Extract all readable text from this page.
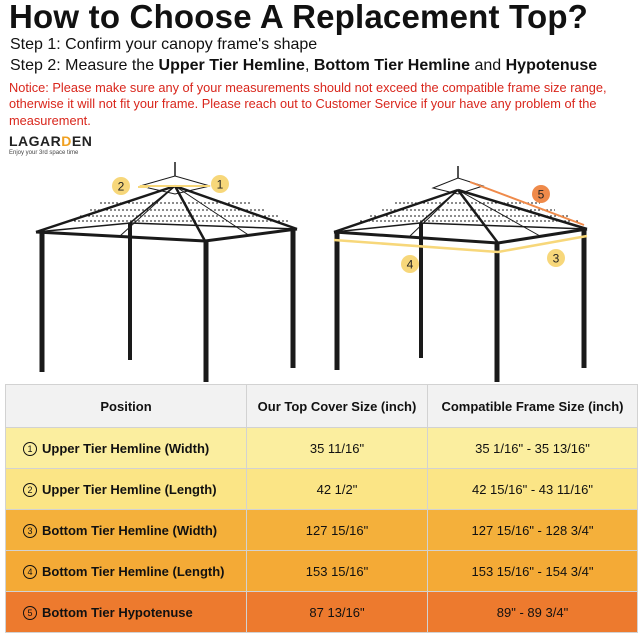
How to Choose A Replacement Top?
Step 1: Confirm your canopy frame's shape
Step 2: Measure the Upper Tier Hemline, Bottom Tier Hemline and Hypotenuse
Notice: Please make sure any of your measurements should not exceed the compatible frame size range, otherwise it will not fit your frame. Please reach out to Customer Service if your have any problem of the measurement.
LAGARDEN
Enjoy your 3rd space time
2	1
5
4	3
Position	Our Top Cover Size (inch)	Compatible Frame Size (inch)
1 Upper Tier Hemline (Width)	35 11/16"	35 1/16" - 35 13/16"
2 Upper Tier Hemline (Length)	42 1/2"	42 15/16" - 43 11/16"
3 Bottom Tier Hemline (Width)	127 15/16"	127 15/16" - 128 3/4"
4 Bottom Tier Hemline (Length)	153 15/16"	153 15/16" - 154 3/4"
5 Bottom Tier Hypotenuse	87 13/16"	89" - 89 3/4"
